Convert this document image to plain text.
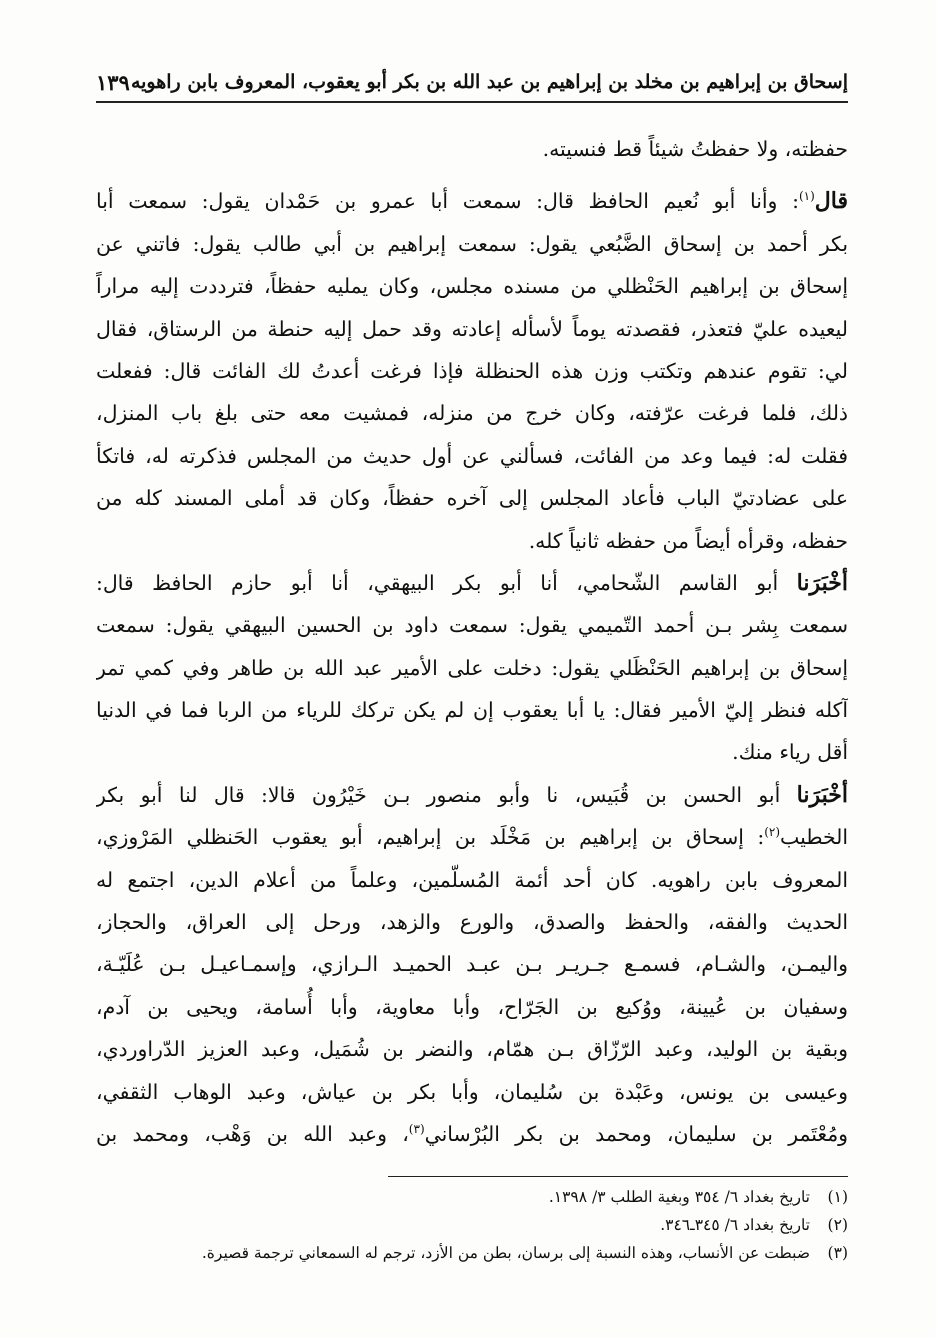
إسحاق بن إبراهيم بن مخلد بن إبراهيم بن عبد الله بن بكر أبو يعقوب، المعروف بابن راهويه
١٣٩
حفظته، ولا حفظتُ شيئاً قط فنسيته.
قال$^{(١)}$: وأنا أبو نُعيم الحافظ قال: سمعت أبا عمرو بن حَمْدان يقول: سمعت أبا
بكر أحمد بن إسحاق الضَّبُعي يقول: سمعت إبراهيم بن أبي طالب يقول: فاتني عن
إسحاق بن إبراهيم الحَنْظلي من مسنده مجلس، وكان يمليه حفظاً، فترددت إليه مراراً
ليعيده عليّ فتعذر، فقصدته يوماً لأسأله إعادته وقد حمل إليه حنطة من الرستاق، فقال
لي: تقوم عندهم وتكتب وزن هذه الحنظلة فإذا فرغت أعدتُ لك الفائت قال: ففعلت
ذلك، فلما فرغت عرّفته، وكان خرج من منزله، فمشيت معه حتى بلغ باب المنزل،
فقلت له: فيما وعد من الفائت، فسألني عن أول حديث من المجلس فذكرته له، فاتكأ
على عضادتيّ الباب فأعاد المجلس إلى آخره حفظاً، وكان قد أملى المسند كله من
حفظه، وقرأه أيضاً من حفظه ثانياً كله.
أخْبَرَنا أبو القاسم الشّحامي، أنا أبو بكر البيهقي، أنا أبو حازم الحافظ قال:
سمعت بِشر بـن أحمد التّميمي يقول: سمعت داود بن الحسين البيهقي يقول: سمعت
إسحاق بن إبراهيم الحَنْظَلي يقول: دخلت على الأمير عبد الله بن طاهر وفي كمي تمر
آكله فنظر إليّ الأمير فقال: يا أبا يعقوب إن لم يكن تركك للرياء من الربا فما في الدنيا
أقل رياء منك.
أخْبَرَنا أبو الحسن بن قُبَيس، نا وأبو منصور بـن خَيْرُون قالا: قال لنا أبو بكر
الخطيب$^{(٢)}$: إسحاق بن إبراهيم بن مَخْلَد بن إبراهيم، أبو يعقوب الحَنظلي المَرْوزي،
المعروف بابن راهويه. كان أحد أئمة المُسلّمين، وعلماً من أعلام الدين، اجتمع له
الحديث والفقه، والحفظ والصدق، والورع والزهد، ورحل إلى العراق، والحجاز،
واليمـن، والشـام، فسمـع جـريـر بـن عبـد الحميـد الـرازي، وإسمـاعيـل بـن عُلَيّـة،
وسفيان بن عُيينة، ووُكيع بن الجَرّاح، وأبا معاوية، وأبا أُسامة، ويحيى بن آدم،
وبقية بن الوليد، وعبد الرّزّاق بـن همّام، والنضر بن شُمَيل، وعبد العزيز الدّراوردي،
وعيسى بن يونس، وعَبْدة بن سُليمان، وأبا بكر بن عياش، وعبد الوهاب الثقفي،
ومُعْتَمر بن سليمان، ومحمد بن بكر البُرْساني$^{(٣)}$، وعبد الله بن وَهْب، ومحمد بن
(١)تاريخ بغداد ٦/ ٣٥٤ وبغية الطلب ٣/ ١٣٩٨.
(٢)تاريخ بغداد ٦/ ٣٤٥ـ٣٤٦.
(٣)ضبطت عن الأنساب، وهذه النسبة إلى برسان، بطن من الأزد، ترجم له السمعاني ترجمة قصيرة.
